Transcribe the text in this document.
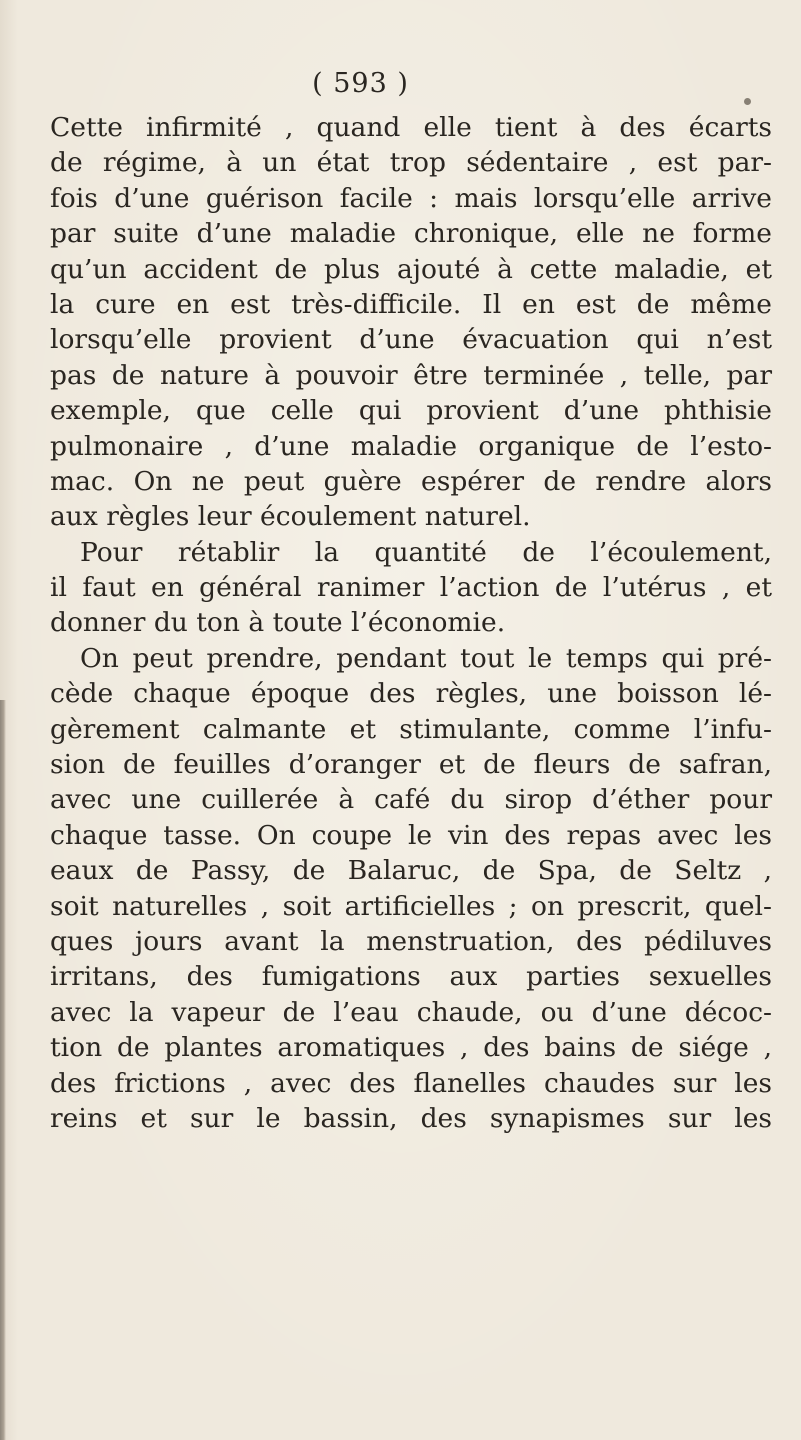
( 593 )
Cette infirmité , quand elle tient à des écarts
de régime, à un état trop sédentaire , est par-
fois d’une guérison facile : mais lorsqu’elle arrive
par suite d’une maladie chronique, elle ne forme
qu’un accident de plus ajouté à cette maladie, et
la cure en est très-difficile. Il en est de même
lorsqu’elle provient d’une évacuation qui n’est
pas de nature à pouvoir être terminée , telle, par
exemple, que celle qui provient d’une phthisie
pulmonaire , d’une maladie organique de l’esto-
mac. On ne peut guère espérer de rendre alors
aux règles leur écoulement naturel.
Pour rétablir la quantité de l’écoulement,
il faut en général ranimer l’action de l’utérus , et
donner du ton à toute l’économie.
On peut prendre, pendant tout le temps qui pré-
cède chaque époque des règles, une boisson lé-
gèrement calmante et stimulante, comme l’infu-
sion de feuilles d’oranger et de fleurs de safran,
avec une cuillerée à café du sirop d’éther pour
chaque tasse. On coupe le vin des repas avec les
eaux de Passy, de Balaruc, de Spa, de Seltz ,
soit naturelles , soit artificielles ; on prescrit, quel-
ques jours avant la menstruation, des pédiluves
irritans, des fumigations aux parties sexuelles
avec la vapeur de l’eau chaude, ou d’une décoc-
tion de plantes aromatiques , des bains de siége ,
des frictions , avec des flanelles chaudes sur les
reins et sur le bassin, des synapismes sur les
